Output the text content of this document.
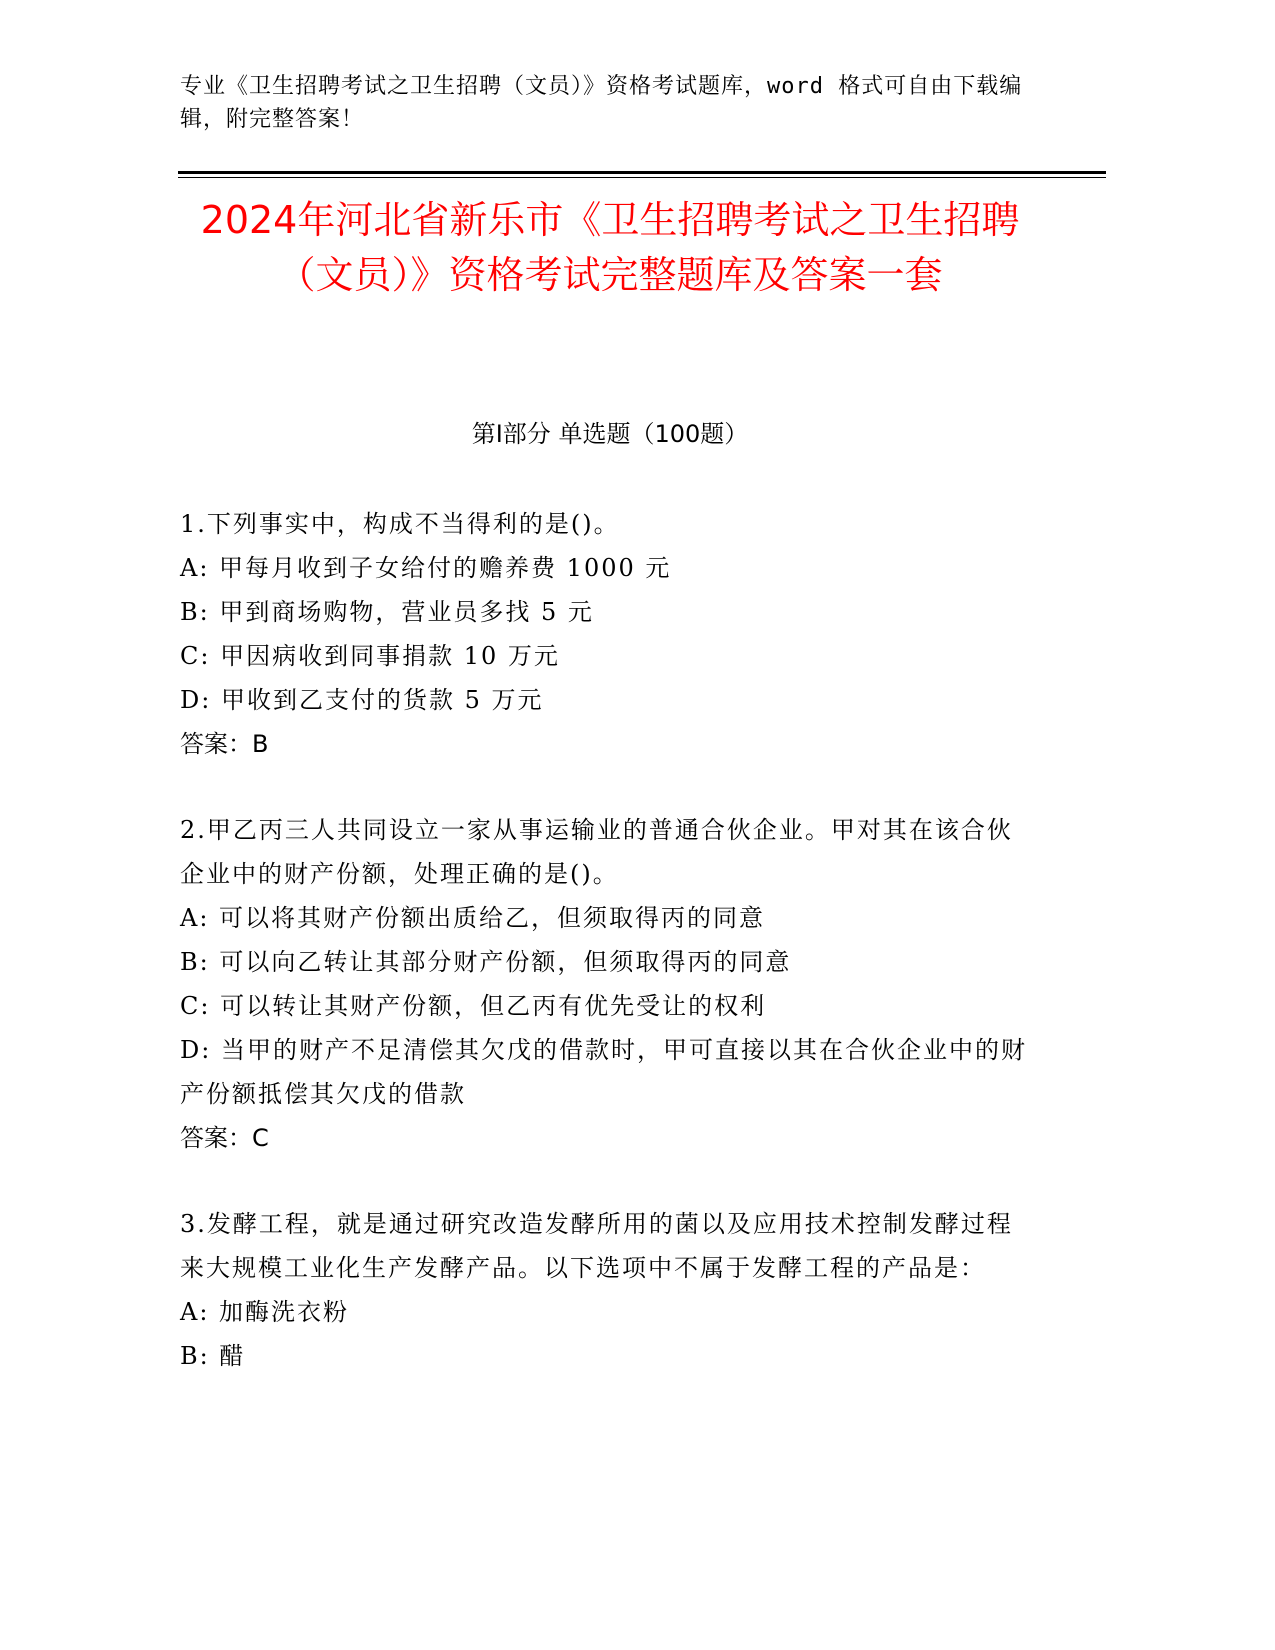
专业《卫生招聘考试之卫生招聘（文员）》资格考试题库，word 格式可自由下载编辑，附完整答案！
2024年河北省新乐市《卫生招聘考试之卫生招聘（文员）》资格考试完整题库及答案一套
第Ⅰ部分 单选题（100题）

1.下列事实中，构成不当得利的是()。

A: 甲每月收到子女给付的赡养费 1000 元

B: 甲到商场购物，营业员多找 5 元

C: 甲因病收到同事捐款 10 万元

D: 甲收到乙支付的货款 5 万元

答案：B

2.甲乙丙三人共同设立一家从事运输业的普通合伙企业。甲对其在该合伙企业中的财产份额，处理正确的是()。

A: 可以将其财产份额出质给乙，但须取得丙的同意

B: 可以向乙转让其部分财产份额，但须取得丙的同意

C: 可以转让其财产份额，但乙丙有优先受让的权利

D: 当甲的财产不足清偿其欠戊的借款时，甲可直接以其在合伙企业中的财产份额抵偿其欠戊的借款

答案：C

3.发酵工程，就是通过研究改造发酵所用的菌以及应用技术控制发酵过程来大规模工业化生产发酵产品。以下选项中不属于发酵工程的产品是：

A: 加酶洗衣粉

B: 醋
